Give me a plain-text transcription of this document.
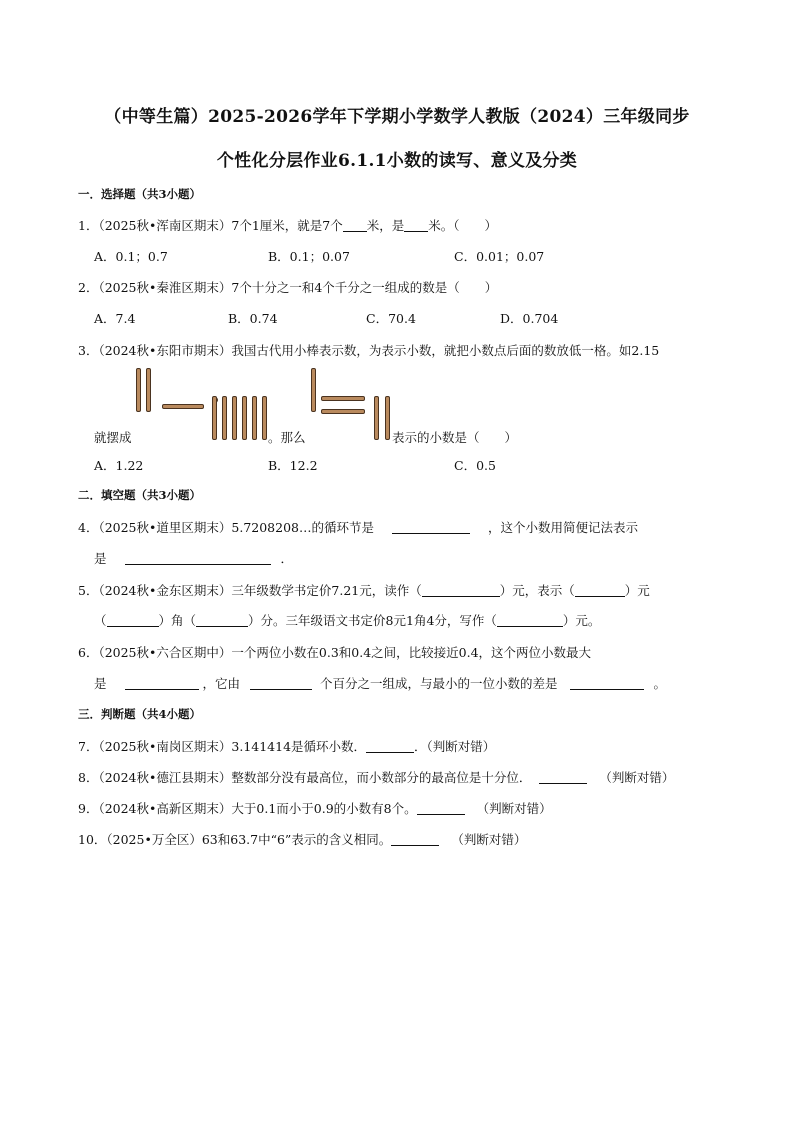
（中等生篇）2025-2026学年下学期小学数学人教版（2024）三年级同步
个性化分层作业6.1.1小数的读写、意义及分类
一．选择题（共3小题）
1．（2025秋•浑南区期末）7个1厘米，就是7个 米，是 米。（　　）
A．0.1；0.7	B．0.1；0.07	C．0.01；0.07
2．（2025秋•秦淮区期末）7个十分之一和4个千分之一组成的数是（　　）
A．7.4	B．0.74	C．70.4	D．0.704
3．（2024秋•东阳市期末）我国古代用小棒表示数，为表示小数，就把小数点后面的数放低一格。如2.15
就摆成	。那么	表示的小数是（　　）
A．1.22	B．12.2	C．0.5
二．填空题（共3小题）
4．（2025秋•道里区期末）5.7208208…的循环节是	，这个小数用简便记法表示
是	．
5．（2024秋•金东区期末）三年级数学书定价7.21元，读作（	）元，表示（	）元
（	）角（	）分。三年级语文书定价8元1角4分，写作（	）元。
6．（2025秋•六合区期中）一个两位小数在0.3和0.4之间，比较接近0.4，这个两位小数最大
是	，它由	个百分之一组成，与最小的一位小数的差是	。
三．判断题（共4小题）
7．（2025秋•南岗区期末）3.141414是循环小数．	．（判断对错）
8．（2024秋•德江县期末）整数部分没有最高位，而小数部分的最高位是十分位．	（判断对错）
9．（2024秋•高新区期末）大于0.1而小于0.9的小数有8个。	（判断对错）
10．（2025•万全区）63和63.7中“6”表示的含义相同。	（判断对错）
